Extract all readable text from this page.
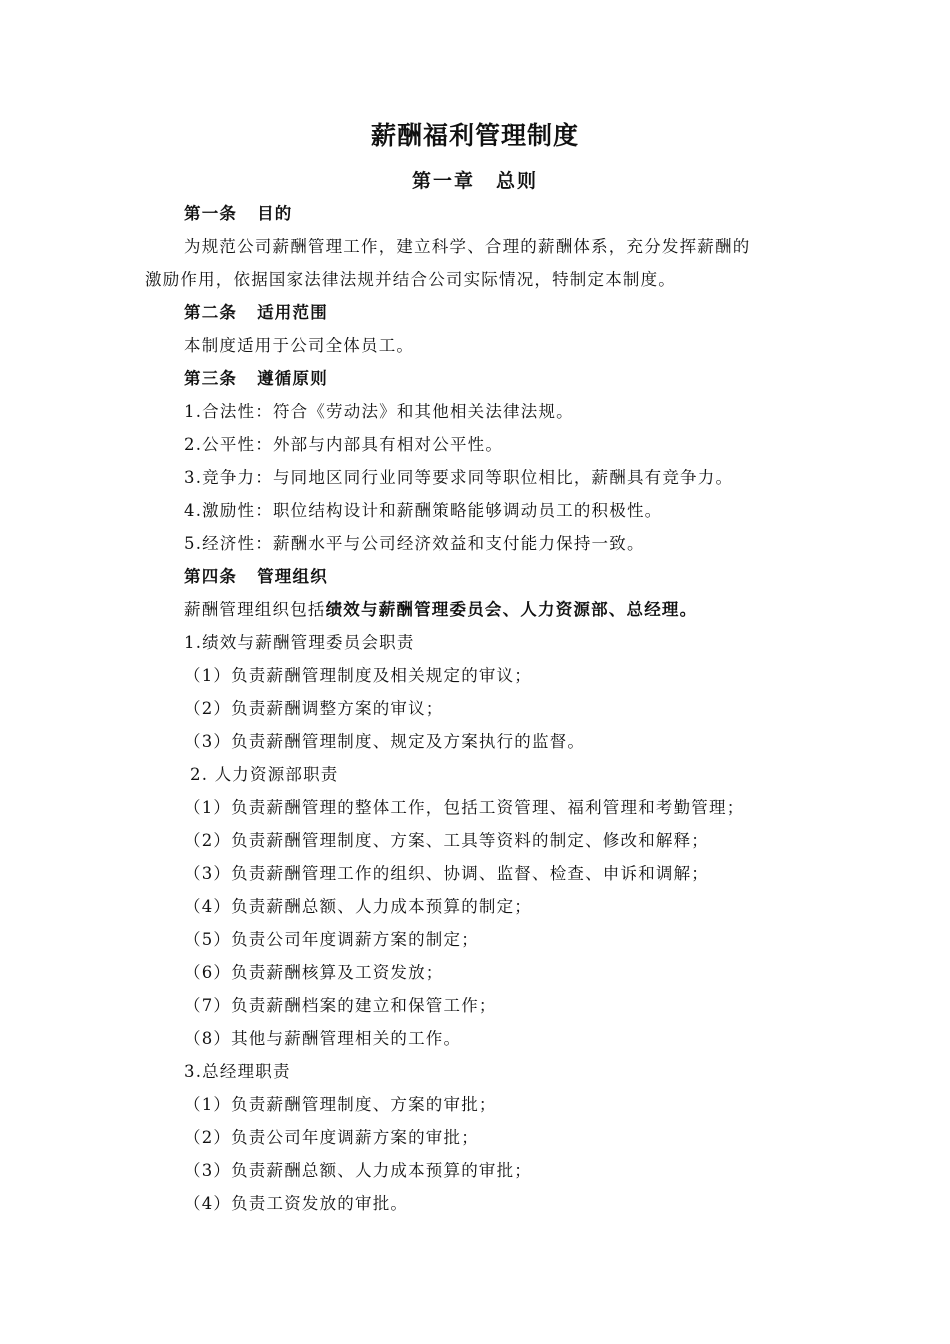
薪酬福利管理制度
第一章　总则
第一条 目的
为规范公司薪酬管理工作，建立科学、合理的薪酬体系，充分发挥薪酬的
激励作用，依据国家法律法规并结合公司实际情况，特制定本制度。
第二条 适用范围
本制度适用于公司全体员工。
第三条 遵循原则
1.合法性：符合《劳动法》和其他相关法律法规。
2.公平性：外部与内部具有相对公平性。
3.竞争力：与同地区同行业同等要求同等职位相比，薪酬具有竞争力。
4.激励性：职位结构设计和薪酬策略能够调动员工的积极性。
5.经济性：薪酬水平与公司经济效益和支付能力保持一致。
第四条 管理组织
薪酬管理组织包括绩效与薪酬管理委员会、人力资源部、总经理。
1.绩效与薪酬管理委员会职责
（1）负责薪酬管理制度及相关规定的审议；
（2）负责薪酬调整方案的审议；
（3）负责薪酬管理制度、规定及方案执行的监督。
2. 人力资源部职责
（1）负责薪酬管理的整体工作，包括工资管理、福利管理和考勤管理；
（2）负责薪酬管理制度、方案、工具等资料的制定、修改和解释；
（3）负责薪酬管理工作的组织、协调、监督、检查、申诉和调解；
（4）负责薪酬总额、人力成本预算的制定；
（5）负责公司年度调薪方案的制定；
（6）负责薪酬核算及工资发放；
（7）负责薪酬档案的建立和保管工作；
（8）其他与薪酬管理相关的工作。
3.总经理职责
（1）负责薪酬管理制度、方案的审批；
（2）负责公司年度调薪方案的审批；
（3）负责薪酬总额、人力成本预算的审批；
（4）负责工资发放的审批。
